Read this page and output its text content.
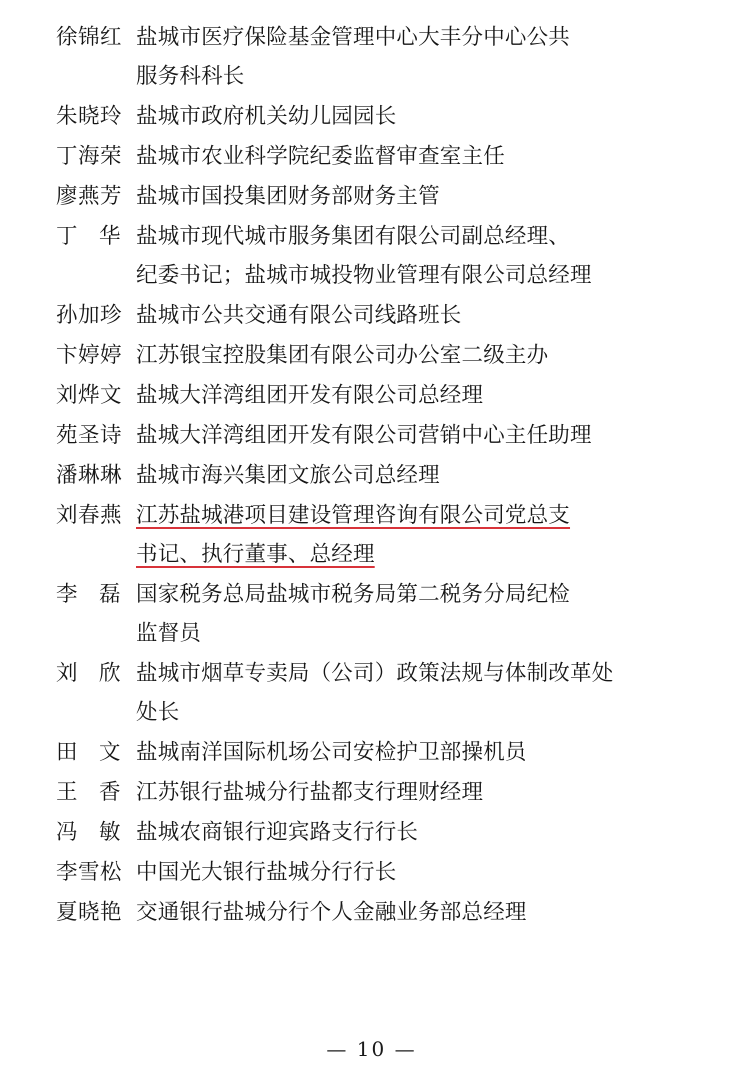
徐锦红 盐城市医疗保险基金管理中心大丰分中心公共
服务科科长
朱晓玲 盐城市政府机关幼儿园园长
丁海荣 盐城市农业科学院纪委监督审查室主任
廖燕芳 盐城市国投集团财务部财务主管
丁　华 盐城市现代城市服务集团有限公司副总经理、
纪委书记；盐城市城投物业管理有限公司总经理
孙加珍 盐城市公共交通有限公司线路班长
卞婷婷 江苏银宝控股集团有限公司办公室二级主办
刘烨文 盐城大洋湾组团开发有限公司总经理
苑圣诗 盐城大洋湾组团开发有限公司营销中心主任助理
潘琳琳 盐城市海兴集团文旅公司总经理
刘春燕 江苏盐城港项目建设管理咨询有限公司党总支
书记、执行董事、总经理
李　磊 国家税务总局盐城市税务局第二税务分局纪检
监督员
刘　欣 盐城市烟草专卖局（公司）政策法规与体制改革处
处长
田　文 盐城南洋国际机场公司安检护卫部操机员
王　香 江苏银行盐城分行盐都支行理财经理
冯　敏 盐城农商银行迎宾路支行行长
李雪松 中国光大银行盐城分行行长
夏晓艳 交通银行盐城分行个人金融业务部总经理
— 10 —
